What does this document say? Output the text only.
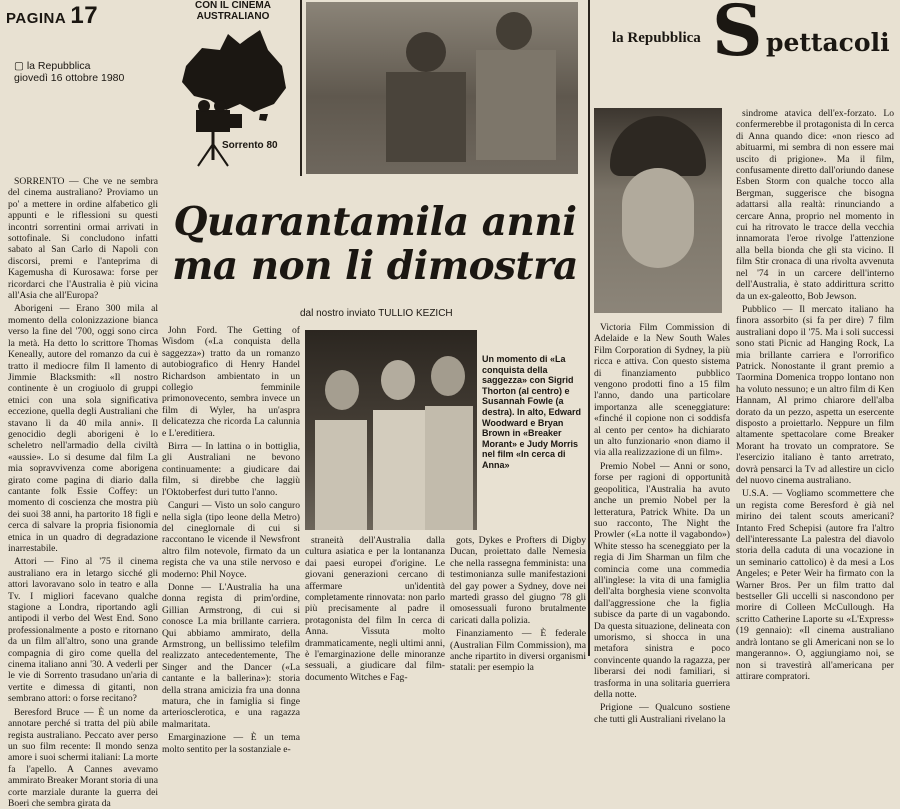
PAGINA 17
▢ la Repubblica
giovedì 16 ottobre 1980
CON IL CINEMA
AUSTRALIANO
Sorrento 80
la Repubblica S pettacoli
Un momento di «La conquista della saggezza» con Sigrid Thorton (al centro) e Susannah Fowle (a destra). In alto, Edward Woodward e Bryan Brown in «Breaker Morant» e Judy Morris nel film «In cerca di Anna»
Quarantamila anni
ma non li dimostra
dal nostro inviato TULLIO KEZICH

SORRENTO — Che ve ne sembra del cinema australiano? Proviamo un po' a mettere in ordine alfabetico gli appunti e le riflessioni su questi incontri sorrentini ormai arrivati in sottofinale. Si concludono infatti sabato al San Carlo di Napoli con discorsi, premi e l'anteprima di Kagemusha di Kurosawa: forse per ricordarci che l'Australia è più vicina all'Asia che all'Europa?

Aborigeni — Erano 300 mila al momento della colonizzazione bianca verso la fine del '700, oggi sono circa la metà. Ha detto lo scrittore Thomas Keneally, autore del romanzo da cui è tratto il mediocre film Il lamento di Jimmie Blacksmith: «Il nostro continente è un crogiuolo di gruppi etnici con una sola significativa eccezione, quella degli Australiani che stavano lì da 40 mila anni». Il genocidio degli aborigeni è lo scheletro nell'armadio della civiltà «aussie». Lo si desume dal film La mia sopravvivenza come aborigena girato come pagina di diario dalla cantante folk Essie Coffey: un momento di coscienza che mostra più dei suoi 38 anni, ha partorito 18 figli e cerca di salvare la propria fisionomia etnica in un quadro di degradazione inarrestabile.

Attori — Fino al '75 il cinema australiano era in letargo sicché gli attori lavoravano solo in teatro e alla Tv. I migliori facevano qualche stagione a Londra, riportando agli antipodi il verbo del West End. Sono professionalmente a posto e ritornano da un film all'altro, sono una grande compagnia di giro come quella del cinema italiano anni '30. A vederli per le vie di Sorrento trasudano un'aria di vertite e dimessa di gitanti, non sembrano attori: o forse recitano?

Beresford Bruce — È un nome da annotare perché si tratta del più abile regista australiano. Peccato aver perso un suo film recente: Il mondo senza amore i suoi schermi italiani: La morte fa l'apello. A Cannes avevamo ammirato Breaker Morant storia di una corte marziale durante la guerra dei Boeri che sembra girata da

John Ford. The Getting of Wisdom («La conquista della saggezza») tratto da un romanzo autobiografico di Henry Handel Richardson ambientato in un collegio femminile primonovecento, sembra invece un film di Wyler, ha un'aspra delicatezza che ricorda La calunnia e L'ereditiera.

Birra — In lattina o in bottiglia, gli Australiani ne bevono continuamente: a giudicare dai film, si direbbe che laggiù l'Oktoberfest duri tutto l'anno.

Canguri — Visto un solo canguro nella sigla (tipo leone della Metro) del cineglornale di cui si raccontano le vicende il Newsfront altro film notevole, firmato da un regista che va una stile nervoso e moderno: Phil Noyce.

Donne — L'Australia ha una donna regista di prim'ordine, Gillian Armstrong, di cui si conosce La mia brillante carriera. Qui abbiamo ammirato, della Armstrong, un bellissimo telefilm realizzato antecedentemente, The Singer and the Dancer («La cantante e la ballerina»): storia della strana amicizia fra una donna matura, che in famiglia si finge arteriosclerotica, e una ragazza malmaritata.

Emarginazione — È un tema molto sentito per la sostanziale e-

straneità dell'Australia dalla cultura asiatica e per la lontananza dai paesi europei d'origine. Le giovani generazioni cercano di affermare un'identità completamente rinnovata: non parlo più precisamente al padre il protagonista del film In cerca di Anna. Vissuta molto drammaticamente, negli ultimi anni, è l'emarginazione delle minoranze sessuali, a giudicare dal film-documento Witches e Fag-

gots, Dykes e Profters di Digby Ducan, proiettato dalle Nemesia che nella rassegna femminista: una testimonianza sulle manifestazioni del gay power a Sydney, dove nei martedì grasso del giugno '78 gli omosessuali furono brutalmente caricati dalla polizia.

Finanziamento — È federale (Australian Film Commission), ma anche ripartito in diversi organismi statali: per esempio la

Victoria Film Commission di Adelaide e la New South Wales Film Corporation di Sydney, la più ricca e attiva. Con questo sistema di finanziamento pubblico vengono prodotti fino a 15 film l'anno, dando una particolare importanza alle sceneggiature: «finché il copione non ci soddisfa al cento per cento» ha dichiarato un alto funzionario «non diamo il via alla realizzazione di un film».

Premio Nobel — Anni or sono, forse per ragioni di opportunità geopolitica, l'Australia ha avuto anche un premio Nobel per la letteratura, Patrick White. Da un suo racconto, The Night the Prowler («La notte il vagabondo») White stesso ha sceneggiato per la regia di Jim Sharman un film che comincia come una commedia all'inglese: la vita di una famiglia dell'alta borghesia viene sconvolta dall'aggressione che la figlia subisce da parte di un vagabondo. Da questa situazione, delineata con umorismo, si shocca in una metafora sinistra e poco convincente quando la ragazza, per liberarsi dei nodi familiari, si trasforma in una solitaria guerriera della notte.

Prigione — Qualcuno sostiene che tutti gli Australiani rivelano la

sindrome atavica dell'ex-forzato. Lo confermerebbe il protagonista di In cerca di Anna quando dice: «non riesco ad abituarmi, mi sembra di non essere mai uscito di prigione». Ma il film, confusamente diretto dall'oriundo danese Esben Storm con qualche tocco alla Bergman, suggerisce che bisogna adattarsi alla realtà: rinunciando a cercare Anna, proprio nel momento in cui ha ritrovato le tracce della vecchia innamorata l'eroe rivolge l'attenzione alla bella bionda che gli sta vicino. Il film Stir cronaca di una rivolta avvenuta nel '74 in un carcere dell'interno dell'Australia, è stato addirittura scritto da un ex-galeotto, Bob Jewson.

Pubblico — Il mercato italiano ha finora assorbito (si fa per dire) 7 film australiani dopo il '75. Ma i soli successi sono stati Picnic ad Hanging Rock, La mia brillante carriera e l'orrorifico Patrick. Nonostante il grant premio a Taormina Domenica troppo lontano non ha voluto nessuno; e un altro film di Ken Hannam, Al primo chiarore dell'alba dorato da un pezzo, aspetta un esercente disposto a proiettarlo. Neppure un film altamente spettacolare come Breaker Morant ha trovato un compratore. Se l'esercizio italiano è tanto arretrato, dovrà pensarci la Tv ad allestire un ciclo del nuovo cinema australiano.

U.S.A. — Vogliamo scommettere che un regista come Beresford è già nel mirino dei talent scouts americani? Intanto Fred Schepisi (autore fra l'altro dell'interessante La palestra del diavolo storia della caduta di una vocazione in un seminario cattolico) è da mesi a Los Angeles; e Peter Weir ha firmato con la Warner Bros. Per un film tratto dal bestseller Gli uccelli si nascondono per morire di Colleen McCullough. Ha scritto Catherine Laporte su «L'Express» (19 gennaio): «Il cinema australiano andrà lontano se gli Americani non se lo mangeranno». O, aggiungiamo noi, se non si travestirà all'americana per attirare compratori.
